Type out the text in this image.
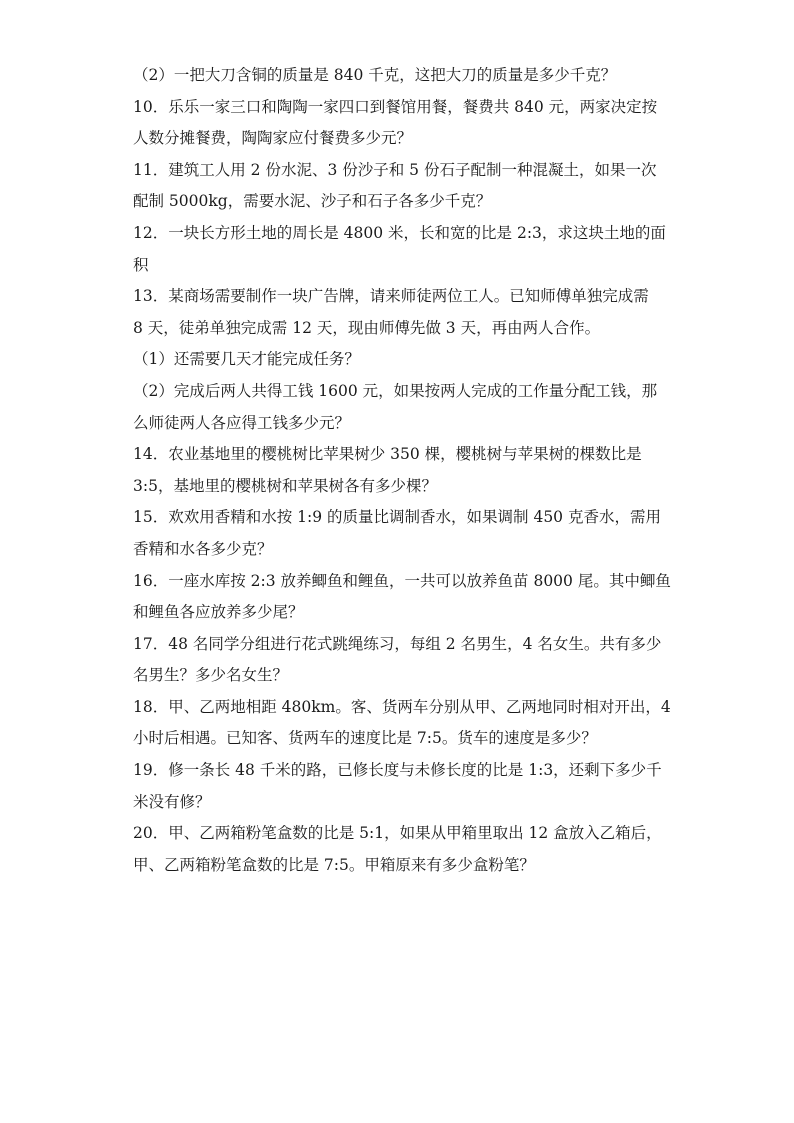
（2）一把大刀含铜的质量是 840 千克，这把大刀的质量是多少千克？
10．乐乐一家三口和陶陶一家四口到餐馆用餐，餐费共 840 元，两家决定按
人数分摊餐费，陶陶家应付餐费多少元？
11．建筑工人用 2 份水泥、3 份沙子和 5 份石子配制一种混凝土，如果一次
配制 5000kg，需要水泥、沙子和石子各多少千克？
12．一块长方形土地的周长是 4800 米，长和宽的比是 2:3，求这块土地的面
积
13．某商场需要制作一块广告牌，请来师徒两位工人。已知师傅单独完成需
8 天，徒弟单独完成需 12 天，现由师傅先做 3 天，再由两人合作。
（1）还需要几天才能完成任务？
（2）完成后两人共得工钱 1600 元，如果按两人完成的工作量分配工钱，那
么师徒两人各应得工钱多少元？
14．农业基地里的樱桃树比苹果树少 350 棵，樱桃树与苹果树的棵数比是
3:5，基地里的樱桃树和苹果树各有多少棵？
15．欢欢用香精和水按 1:9 的质量比调制香水，如果调制 450 克香水，需用
香精和水各多少克？
16．一座水库按 2:3 放养鲫鱼和鲤鱼，一共可以放养鱼苗 8000 尾。其中鲫鱼
和鲤鱼各应放养多少尾？
17．48 名同学分组进行花式跳绳练习，每组 2 名男生，4 名女生。共有多少
名男生？多少名女生？
18．甲、乙两地相距 480km。客、货两车分别从甲、乙两地同时相对开出，4
小时后相遇。已知客、货两车的速度比是 7:5。货车的速度是多少？
19．修一条长 48 千米的路，已修长度与未修长度的比是 1:3，还剩下多少千
米没有修？
20．甲、乙两箱粉笔盒数的比是 5:1，如果从甲箱里取出 12 盒放入乙箱后，
甲、乙两箱粉笔盒数的比是 7:5。甲箱原来有多少盒粉笔？
